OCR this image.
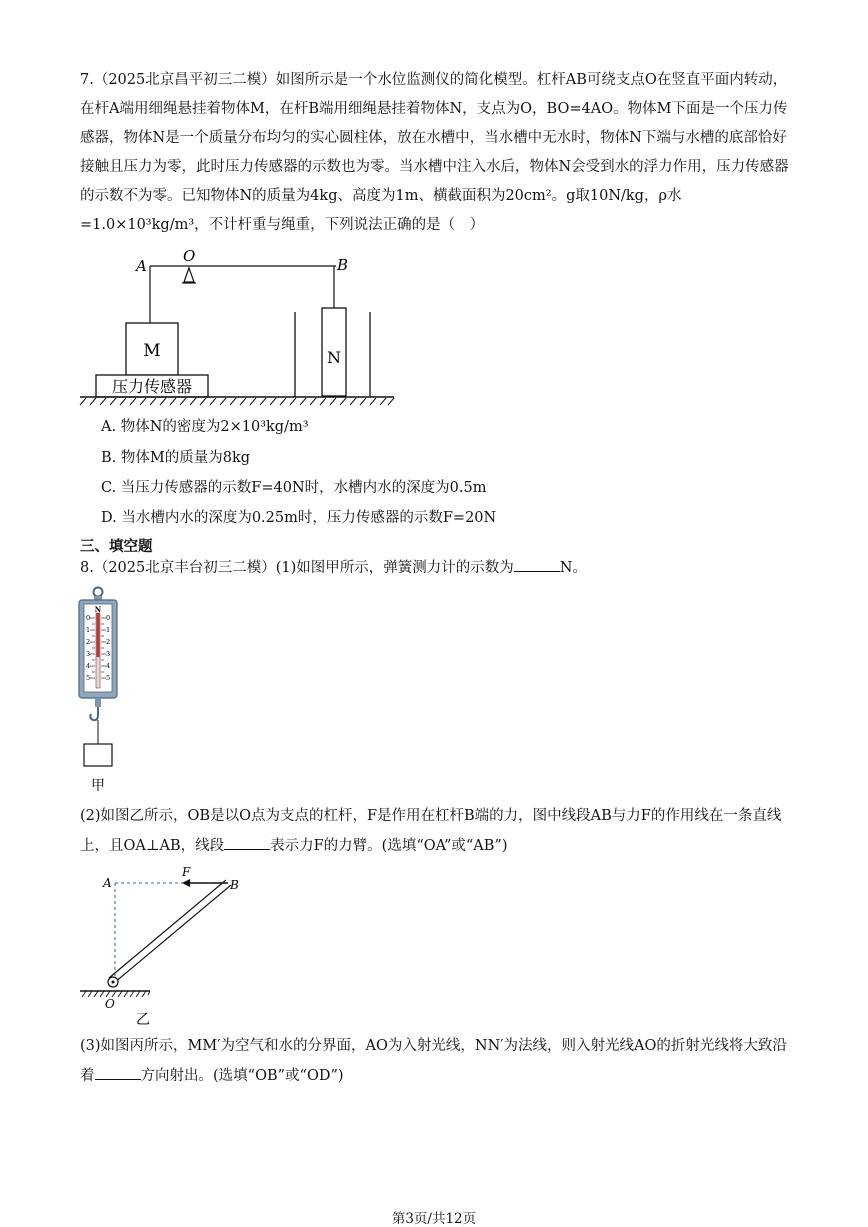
7.（2025北京昌平初三二模）如图所示是一个水位监测仪的简化模型。杠杆AB可绕支点O在竖直平面内转动，在杆A端用细绳悬挂着物体M，在杆B端用细绳悬挂着物体N，支点为O，BO=4AO。物体M下面是一个压力传感器，物体N是一个质量分布均匀的实心圆柱体，放在水槽中，当水槽中无水时，物体N下端与水槽的底部恰好接触且压力为零，此时压力传感器的示数也为零。当水槽中注入水后，物体N会受到水的浮力作用，压力传感器的示数不为零。已知物体N的质量为4kg、高度为1m、横截面积为20cm²。g取10N/kg，ρ水=1.0×10³kg/m³，不计杆重与绳重，下列说法正确的是（　）

A
O	B
M	N
压力传感器

A. 物体N的密度为2×10³kg/m³

B. 物体M的质量为8kg

C. 当压力传感器的示数F=40N时，水槽内水的深度为0.5m

D. 当水槽内水的深度为0.25m时，压力传感器的示数F=20N

三、填空题

8.（2025北京丰台初三二模）(1)如图甲所示，弹簧测力计的示数为	N。

N
0
1
2
3
4
5
0
1
2
3
4
5
甲

(2)如图乙所示，OB是以O点为支点的杠杆，F是作用在杠杆B端的力，图中线段AB与力F的作用线在一条直线上，且OA⊥AB，线段	表示力F的力臂。(选填“OA”或“AB”)

A
F
B
O
乙

(3)如图丙所示，MM′为空气和水的分界面，AO为入射光线，NN′为法线，则入射光线AO的折射光线将大致沿着	方向射出。(选填“OB”或“OD”)

第3页/共12页
